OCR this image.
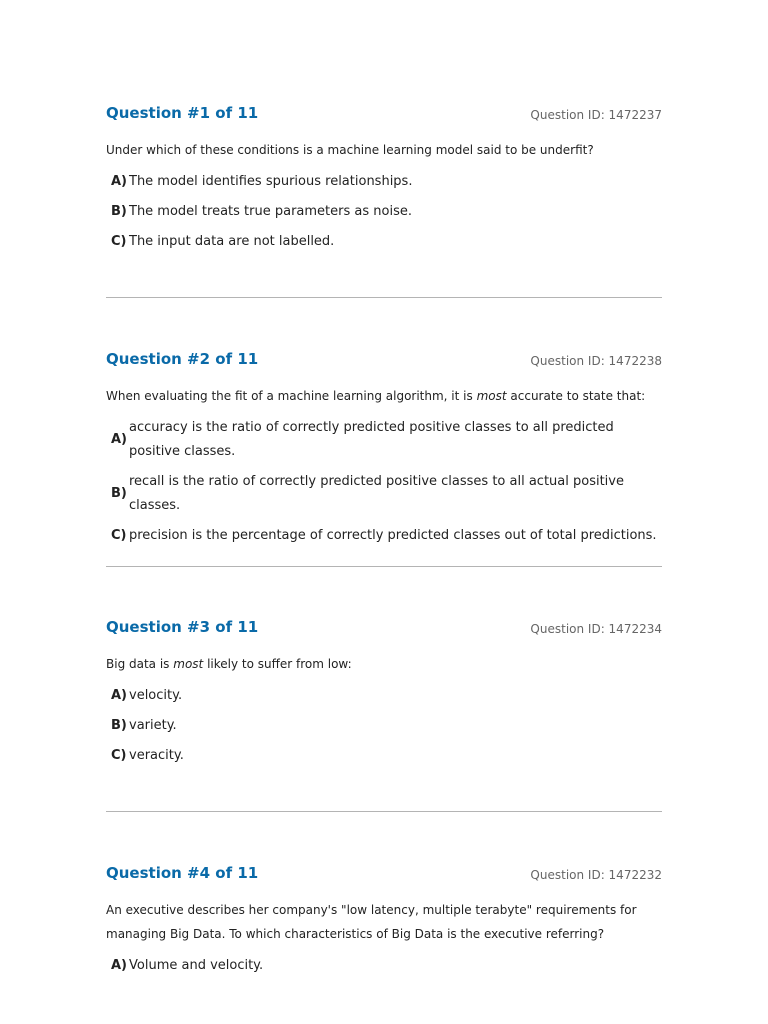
Question #1 of 11	Question ID: 1472237
Under which of these conditions is a machine learning model said to be underfit?
A) The model identifies spurious relationships.
B) The model treats true parameters as noise.
C) The input data are not labelled.
Question #2 of 11	Question ID: 1472238
When evaluating the fit of a machine learning algorithm, it is most accurate to state that:
A)
accuracy is the ratio of correctly predicted positive classes to all predicted positive classes.
B)
recall is the ratio of correctly predicted positive classes to all actual positive classes.
C) precision is the percentage of correctly predicted classes out of total predictions.
Question #3 of 11	Question ID: 1472234
Big data is most likely to suffer from low:
A) velocity.
B) variety.
C) veracity.
Question #4 of 11	Question ID: 1472232
An executive describes her company's "low latency, multiple terabyte" requirements for managing Big Data. To which characteristics of Big Data is the executive referring?
A) Volume and velocity.
